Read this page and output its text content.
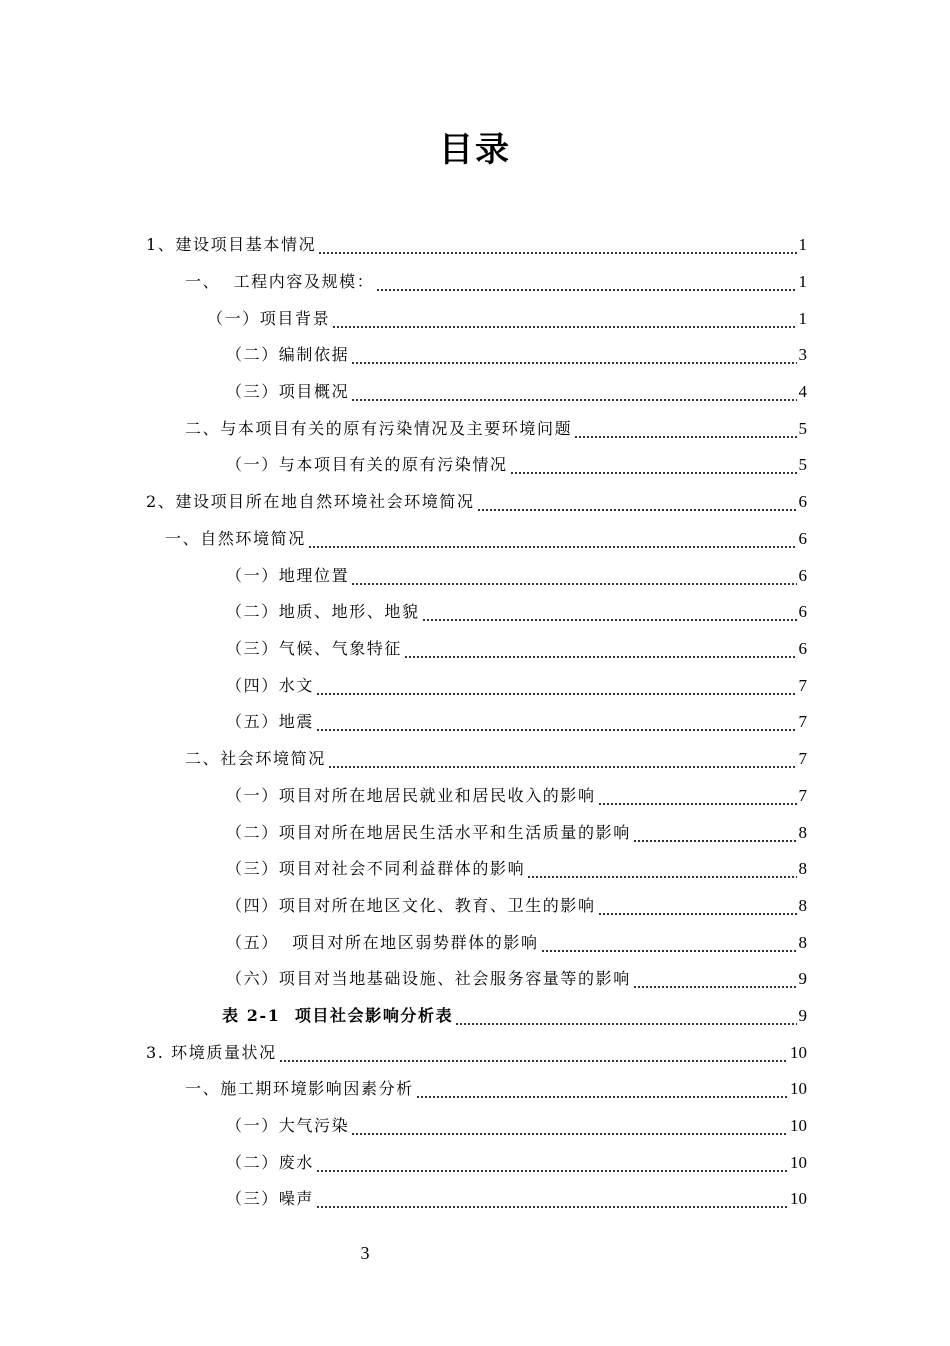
目录
1、建设项目基本情况	1
一、  工程内容及规模：	1
（一）项目背景	1
（二）编制依据	3
（三）项目概况	4
二、与本项目有关的原有污染情况及主要环境问题	5
（一）与本项目有关的原有污染情况	5
2、建设项目所在地自然环境社会环境简况	6
一、自然环境简况	6
（一）地理位置	6
（二）地质、地形、地貌	6
（三）气候、气象特征	6
（四）水文	7
（五）地震	7
二、社会环境简况	7
（一）项目对所在地居民就业和居民收入的影响	7
（二）项目对所在地居民生活水平和生活质量的影响	8
（三）项目对社会不同利益群体的影响	8
（四）项目对所在地区文化、教育、卫生的影响	8
（五）  项目对所在地区弱势群体的影响	8
（六）项目对当地基础设施、社会服务容量等的影响	9
表 2-1  项目社会影响分析表	9
3. 环境质量状况	10
一、施工期环境影响因素分析	10
（一）大气污染	10
（二）废水	10
（三）噪声	10
3
